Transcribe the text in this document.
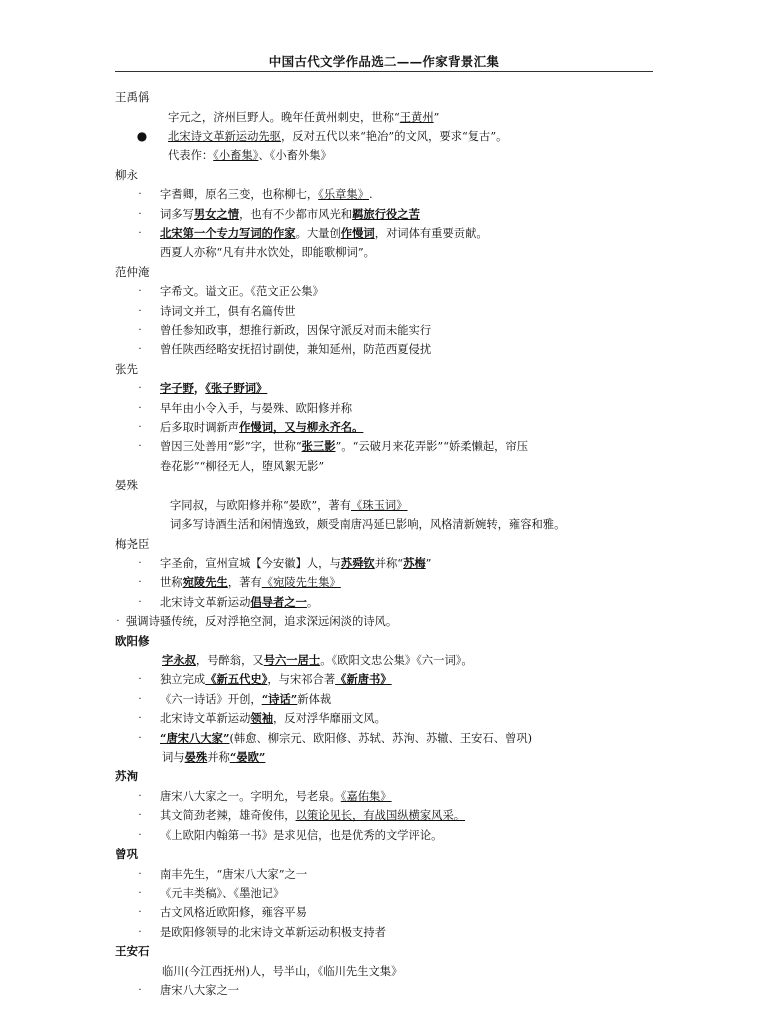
中国古代文学作品选二——作家背景汇集
王禹偁
字元之，济州巨野人。晚年任黄州刺史，世称“王黄州”
● 北宋诗文革新运动先驱，反对五代以来“艳冶”的文风，要求“复古”。
代表作：《小畜集》、《小畜外集》
柳永
·	字耆卿，原名三变，也称柳七，《乐章集》.
·	词多写男女之情，也有不少都市风光和羁旅行役之苦
·	北宋第一个专力写词的作家。大量创作慢词，对词体有重要贡献。
西夏人亦称“凡有井水饮处，即能歌柳词”。
范仲淹
·	字希文。谥文正。《范文正公集》
·	诗词文并工，俱有名篇传世
·	曾任参知政事，想推行新政，因保守派反对而未能实行
·	曾任陕西经略安抚招讨副使，兼知延州，防范西夏侵扰
张先
·	字子野，《张子野词》
·	早年由小令入手，与晏殊、欧阳修并称
·	后多取时调新声作慢词，又与柳永齐名。
·	曾因三处善用“影”字，世称“张三影”。“云破月来花弄影”“娇柔懒起，帘压
卷花影”“柳径无人，堕风絮无影”
晏殊
字同叔，与欧阳修并称“晏欧”，著有《珠玉词》
词多写诗酒生活和闲情逸致，颇受南唐冯延巳影响，风格清新婉转，雍容和雅。
梅尧臣
·	字圣俞，宣州宣城【今安徽】人，与苏舜钦并称“苏梅”
·	世称宛陵先生，著有《宛陵先生集》
·	北宋诗文革新运动倡导者之一。
· 强调诗骚传统，反对浮艳空洞，追求深远闲淡的诗风。
欧阳修
字永叔，号醉翁，又号六一居士。《欧阳文忠公集》《六一词》。
·	独立完成《新五代史》，与宋祁合著《新唐书》
·	《六一诗话》开创，“诗话”新体裁
·	北宋诗文革新运动领袖，反对浮华靡丽文风。
·	“唐宋八大家”(韩愈、柳宗元、欧阳修、苏轼、苏洵、苏辙、王安石、曾巩)
词与晏殊并称“晏欧”
苏洵
·	唐宋八大家之一。字明允，号老泉。《嘉佑集》
·	其文简劲老辣，雄奇俊伟，以策论见长，有战国纵横家风采。
·	《上欧阳内翰第一书》是求见信，也是优秀的文学评论。
曾巩
·	南丰先生，“唐宋八大家”之一
·	《元丰类稿》、《墨池记》
·	古文风格近欧阳修，雍容平易
·	是欧阳修领导的北宋诗文革新运动积极支持者
王安石
临川(今江西抚州)人，号半山，《临川先生文集》
·	唐宋八大家之一
